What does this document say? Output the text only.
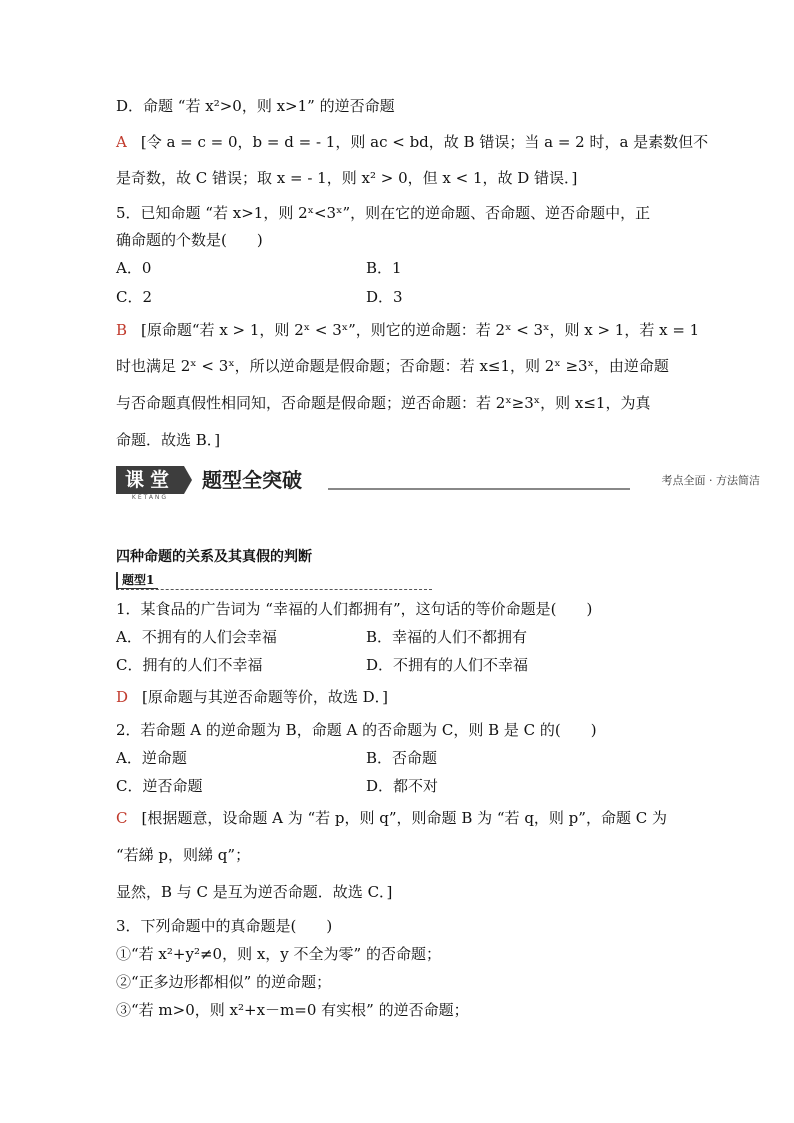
D．命题 “若 x²>0，则 x>1” 的逆否命题
A [令 a = c = 0，b = d = - 1，则 ac < bd，故 B 错误；当 a = 2 时，a 是素数但不
是奇数，故 C 错误；取 x = - 1，则 x² > 0，但 x < 1，故 D 错误．]
5．已知命题 “若 x>1，则 2ˣ<3ˣ”，则在它的逆命题、否命题、逆否命题中，正
确命题的个数是(　　)
A．0	B．1
C．2	D．3
B [原命题“若 x > 1，则 2ˣ < 3ˣ”，则它的逆命题：若 2ˣ < 3ˣ，则 x > 1，若 x = 1
时也满足 2ˣ < 3ˣ，所以逆命题是假命题；否命题：若 x≤1，则 2ˣ ≥3ˣ，由逆命题
与否命题真假性相同知，否命题是假命题；逆否命题：若 2ˣ≥3ˣ，则 x≤1，为真
命题．故选 B．]
课堂
KETANG
题型全突破	考点全面 · 方法简洁
四种命题的关系及其真假的判断
题型1
1．某食品的广告词为 “幸福的人们都拥有”，这句话的等价命题是(　　)
A．不拥有的人们会幸福	B．幸福的人们不都拥有
C．拥有的人们不幸福	D．不拥有的人们不幸福
D [原命题与其逆否命题等价，故选 D．]
2．若命题 A 的逆命题为 B，命题 A 的否命题为 C，则 B 是 C 的(　　)
A．逆命题	B．否命题
C．逆否命题	D．都不对
C [根据题意，设命题 A 为 “若 p，则 q”，则命题 B 为 “若 q，则 p”，命题 C 为
“若綈 p，则綈 q”；
显然，B 与 C 是互为逆否命题．故选 C．]
3．下列命题中的真命题是(　　)
①“若 x²+y²≠0，则 x，y 不全为零” 的否命题；
②“正多边形都相似” 的逆命题；
③“若 m>0，则 x²+x－m=0 有实根” 的逆否命题；
